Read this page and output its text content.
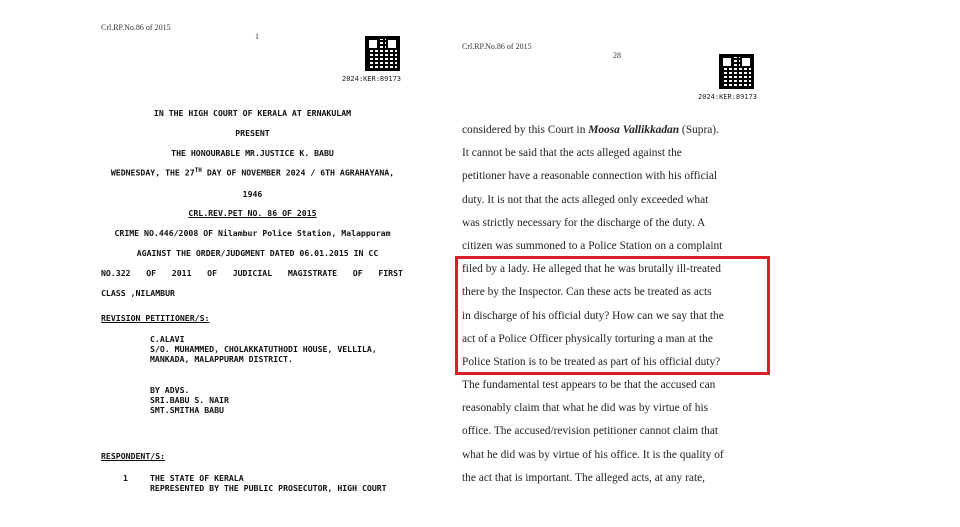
Crl.RP.No.86 of 2015
1
2024:KER:89173
IN THE HIGH COURT OF KERALA AT ERNAKULAM
PRESENT
THE HONOURABLE MR.JUSTICE K. BABU
WEDNESDAY, THE 27TH DAY OF NOVEMBER 2024 / 6TH AGRAHAYANA,
1946
CRL.REV.PET NO. 86 OF 2015
CRIME NO.446/2008 OF Nilambur Police Station, Malappuram
AGAINST THE ORDER/JUDGMENT DATED 06.01.2015 IN CC
NO.322 OF 2011 OF JUDICIAL MAGISTRATE OF FIRST
CLASS ,NILAMBUR
REVISION PETITIONER/S:
C.ALAVI
S/O. MUHAMMED, CHOLAKKATUTHODI HOUSE, VELLILA,
MANKADA, MALAPPURAM DISTRICT.
BY ADVS.
SRI.BABU S. NAIR
SMT.SMITHA BABU
RESPONDENT/S:
1	THE STATE OF KERALA
REPRESENTED BY THE PUBLIC PROSECUTOR, HIGH COURT
Crl.RP.No.86 of 2015
28
2024:KER:89173
considered by this Court in Moosa Vallikkadan (Supra).
It cannot be said that the acts alleged against the
petitioner have a reasonable connection with his official
duty. It is not that the acts alleged only exceeded what
was strictly necessary for the discharge of the duty. A
citizen was summoned to a Police Station on a complaint
filed by a lady. He alleged that he was brutally ill-treated
there by the Inspector. Can these acts be treated as acts
in discharge of his official duty? How can we say that the
act of a Police Officer physically torturing a man at the
Police Station is to be treated as part of his official duty?
The fundamental test appears to be that the accused can
reasonably claim that what he did was by virtue of his
office. The accused/revision petitioner cannot claim that
what he did was by virtue of his office. It is the quality of
the act that is important. The alleged acts, at any rate,
